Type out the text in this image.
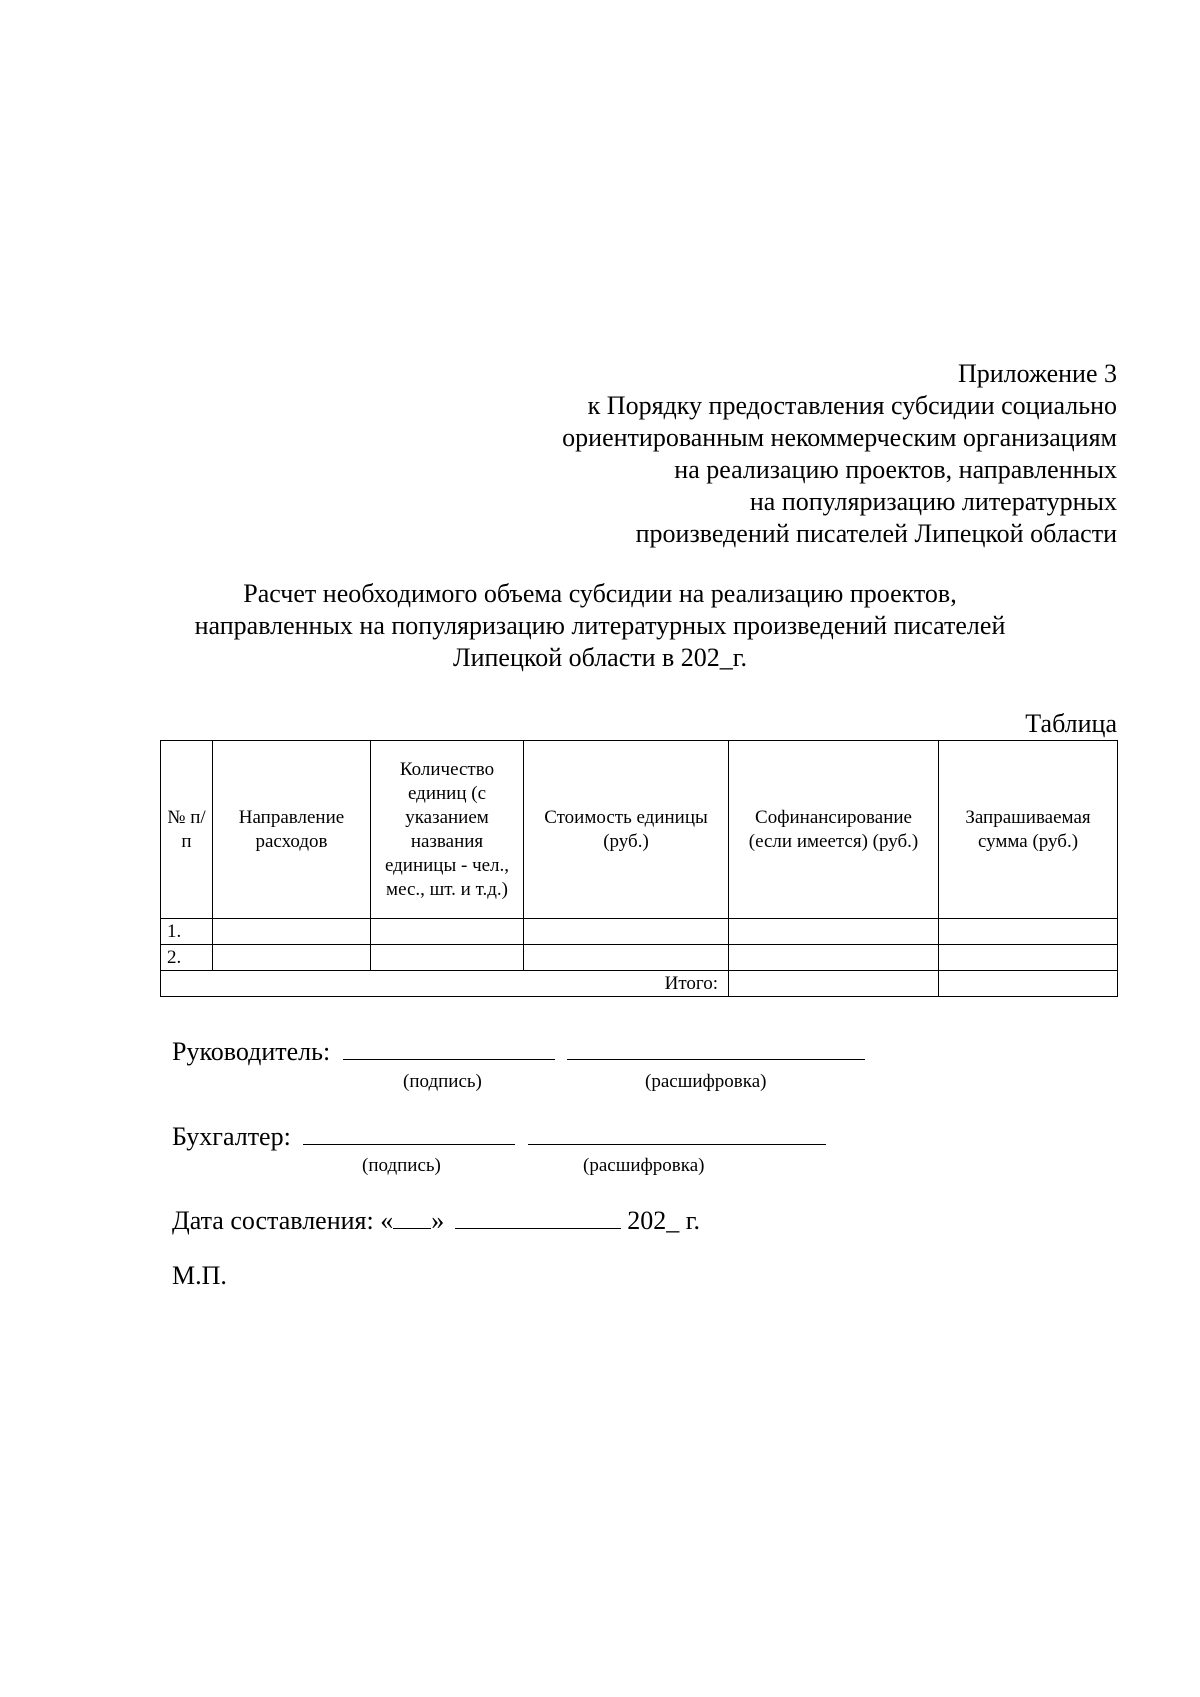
Приложение 3
к Порядку предоставления субсидии социально
ориентированным некоммерческим организациям
на реализацию проектов, направленных
на популяризацию литературных
произведений писателей Липецкой области
Расчет необходимого объема субсидии на реализацию проектов,
направленных на популяризацию литературных произведений писателей
Липецкой области в 202_г.
Таблица
№ п/п	Направление расходов	Количество единиц (с указанием названия единицы - чел., мес., шт. и т.д.)	Стоимость единицы (руб.)	Софинансирование (если имеется) (руб.)	Запрашиваемая сумма (руб.)
1.					
2.					
Итого:					
Руководитель:
(подпись)	(расшифровка)
Бухгалтер:
(подпись)	(расшифровка)
Дата составления: « »	202_ г.
М.П.
